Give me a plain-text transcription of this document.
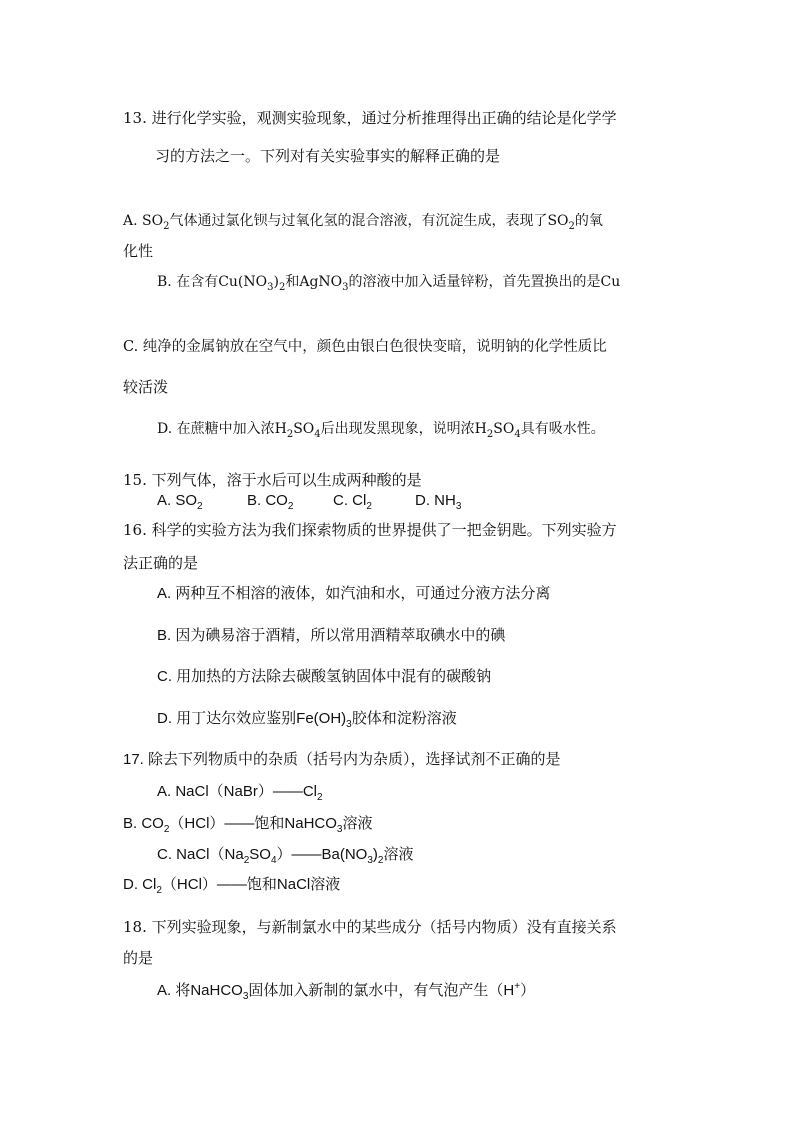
13. 进行化学实验，观测实验现象，通过分析推理得出正确的结论是化学学
习的方法之一。下列对有关实验事实的解释正确的是
A. $SO_2$气体通过氯化钡与过氧化氢的混合溶液，有沉淀生成，表现了$SO_2$的氧
化性
B. 在含有$Cu(NO_3)_2$和AgNO$_3$的溶液中加入适量锌粉，首先置换出的是Cu
C. 纯净的金属钠放在空气中，颜色由银白色很快变暗，说明钠的化学性质比
较活泼
D. 在蔗糖中加入浓$H_2SO_4$后出现发黑现象，说明浓$H_2SO_4$具有吸水性。
15. 下列气体，溶于水后可以生成两种酸的是
A. $SO_2$	B. $CO_2$	C. $Cl_2$	D. $NH_3$
16. 科学的实验方法为我们探索物质的世界提供了一把金钥匙。下列实验方
法正确的是
A. 两种互不相溶的液体，如汽油和水，可通过分液方法分离
B. 因为碘易溶于酒精，所以常用酒精萃取碘水中的碘
C. 用加热的方法除去碳酸氢钠固体中混有的碳酸钠
D. 用丁达尔效应鉴别$Fe(OH)_3$胶体和淀粉溶液
17. 除去下列物质中的杂质（括号内为杂质），选择试剂不正确的是
A. $NaCl(NaBr)——Cl_2$
B. $CO_2(HCl)——$饱和NaHCO$_3$溶液
C. $NaCl(Na_2SO_4)——Ba(NO_3)_2$溶液
D. $Cl_2(HCl)——$饱和NaCl溶液
18. 下列实验现象，与新制氯水中的某些成分（括号内物质）没有直接关系
的是
A. 将NaHCO$_3$固体加入新制的氯水中，有气泡产生（H+）
